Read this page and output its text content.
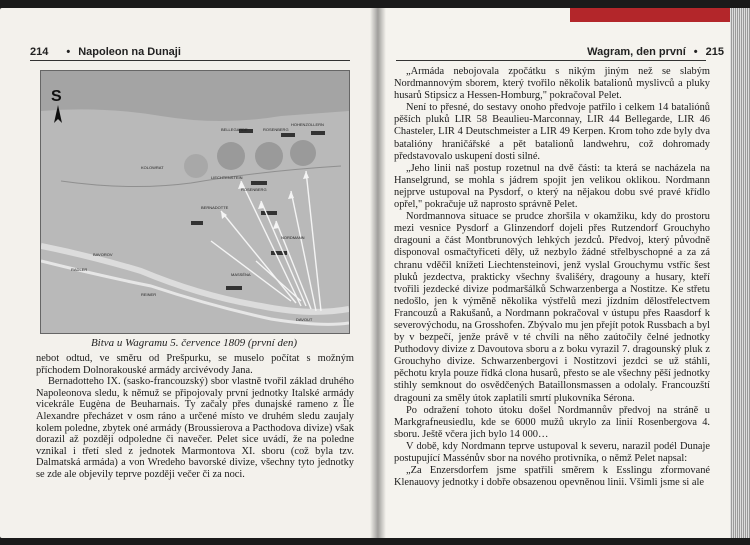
214 • Napoleon na Dunaji
S
BELLEGARDE	ROSENBERG
HOHENZOLLERN
LIECHTENSTEIN
ROSENBERG
BERNADOTTE
KOLOWRAT
BAVOROV
MASSÉNA
DAVOUT
NORDMANN
RADLER
REINER
Bitva u Wagramu 5. července 1809 (první den)

nebot odtud, ve směru od Prešpurku, se muselo počítat s možným příchodem Dolnorakouské armády arcivévody Jana.

Bernadotteho IX. (sasko-francouzský) sbor vlastně tvořil základ druhého Napoleonova sledu, k němuž se připojovaly první jednotky Italské armády vicekrále Eugèna de Beuharnais. Ty začaly přes dunajské rameno z Île Alexandre přecházet v osm ráno a určené místo ve druhém sledu zaujaly kolem poledne, zbytek oné armády (Broussierova a Pacthodova divize) však dorazil až později odpoledne či navečer. Pelet sice uvádí, že na poledne vznikal i třetí sled z jednotek Marmontova XI. sboru (což byla tzv. Dalmatská armáda) a von Wredeho bavorské divize, všechny tyto jednotky se zde ale objevily teprve později večer či za noci.

Wagram, den první • 215

„Armáda nebojovala zpočátku s nikým jiným než se slabým Nordmannovým sborem, který tvořilo několik batalionů myslivců a pluky husarů Stipsicz a Hessen-Homburg," pokračoval Pelet.

Není to přesné, do sestavy onoho předvoje patřilo i celkem 14 bataliónů pěších pluků LIR 58 Beaulieu-Marconnay, LIR 44 Bellegarde, LIR 46 Chasteler, LIR 4 Deutschmeister a LIR 49 Kerpen. Krom toho zde byly dva batalióny hraničářské a pět batalionů landwehru, což dohromady představovalo uskupení dosti silné.

„Jeho linii naš postup rozetnul na dvě části: ta která se nacházela na Hanselgrund, se mohla s jádrem spojit jen velikou oklikou. Nordmann nejprve ustupoval na Pysdorf, o který na nějakou dobu své pravé křídlo opřel," pokračuje už naprosto správně Pelet.

Nordmannova situace se prudce zhoršila v okamžiku, kdy do prostoru mezi vesnice Pysdorf a Glinzendorf dojeli přes Rutzendorf Grouchyho dragouni a část Montbrunových lehkých jezdců. Předvoj, který původně disponoval osmačtyřiceti děly, už nezbylo žádné střelbyschopné a za zá chranu vděčil knížeti Liechtensteinovi, jenž vyslal Grouchymu vstříc šest pluků jezdectva, prakticky všechny švališéry, dragouny a husary, kteří tvořili jezdecké divize podmaršálků Schwarzenberga a Nostitze. Ke střetu nedošlo, jen k výměně několika výstřelů mezi jízdním dělostřelectvem Francouzů a Rakušanů, a Nordmann pokračoval v ústupu přes Raasdorf k severovýchodu, na Grosshofen. Zbývalo mu jen přejít potok Russbach a byl by v bezpečí, jenže právě v té chvíli na něho zaútočily čelné jednotky Puthodovy divize z Davoutova sboru a z boku vyrazil 7. dragounský pluk z Grouchyho divize. Schwarzenbergovi i Nostitzovi jezdci se už stáhli, pěchotu kryla pouze řídká clona husarů, přesto se ale všechny pěší jednotky stihly semknout do osvědčených Bataillonsmassen a odolaly. Francouzští dragouni za směly útok zaplatili smrtí plukovníka Sérona.

Po odražení tohoto útoku došel Nordmannův předvoj na stráně u Markgrafneusiedlu, kde se 6000 mužů ukrylo za linií Rosenbergova 4. sboru. Ještě včera jich bylo 14 000…

V době, kdy Nordmann teprve ustupoval k severu, narazil podél Dunaje postupující Massénův sbor na nového protivníka, o němž Pelet napsal:

„Za Enzersdorfem jsme spatřili směrem k Esslingu zformované Klenauovy jednotky i dobře obsazenou opevněnou linii. Všimli jsme si ale
